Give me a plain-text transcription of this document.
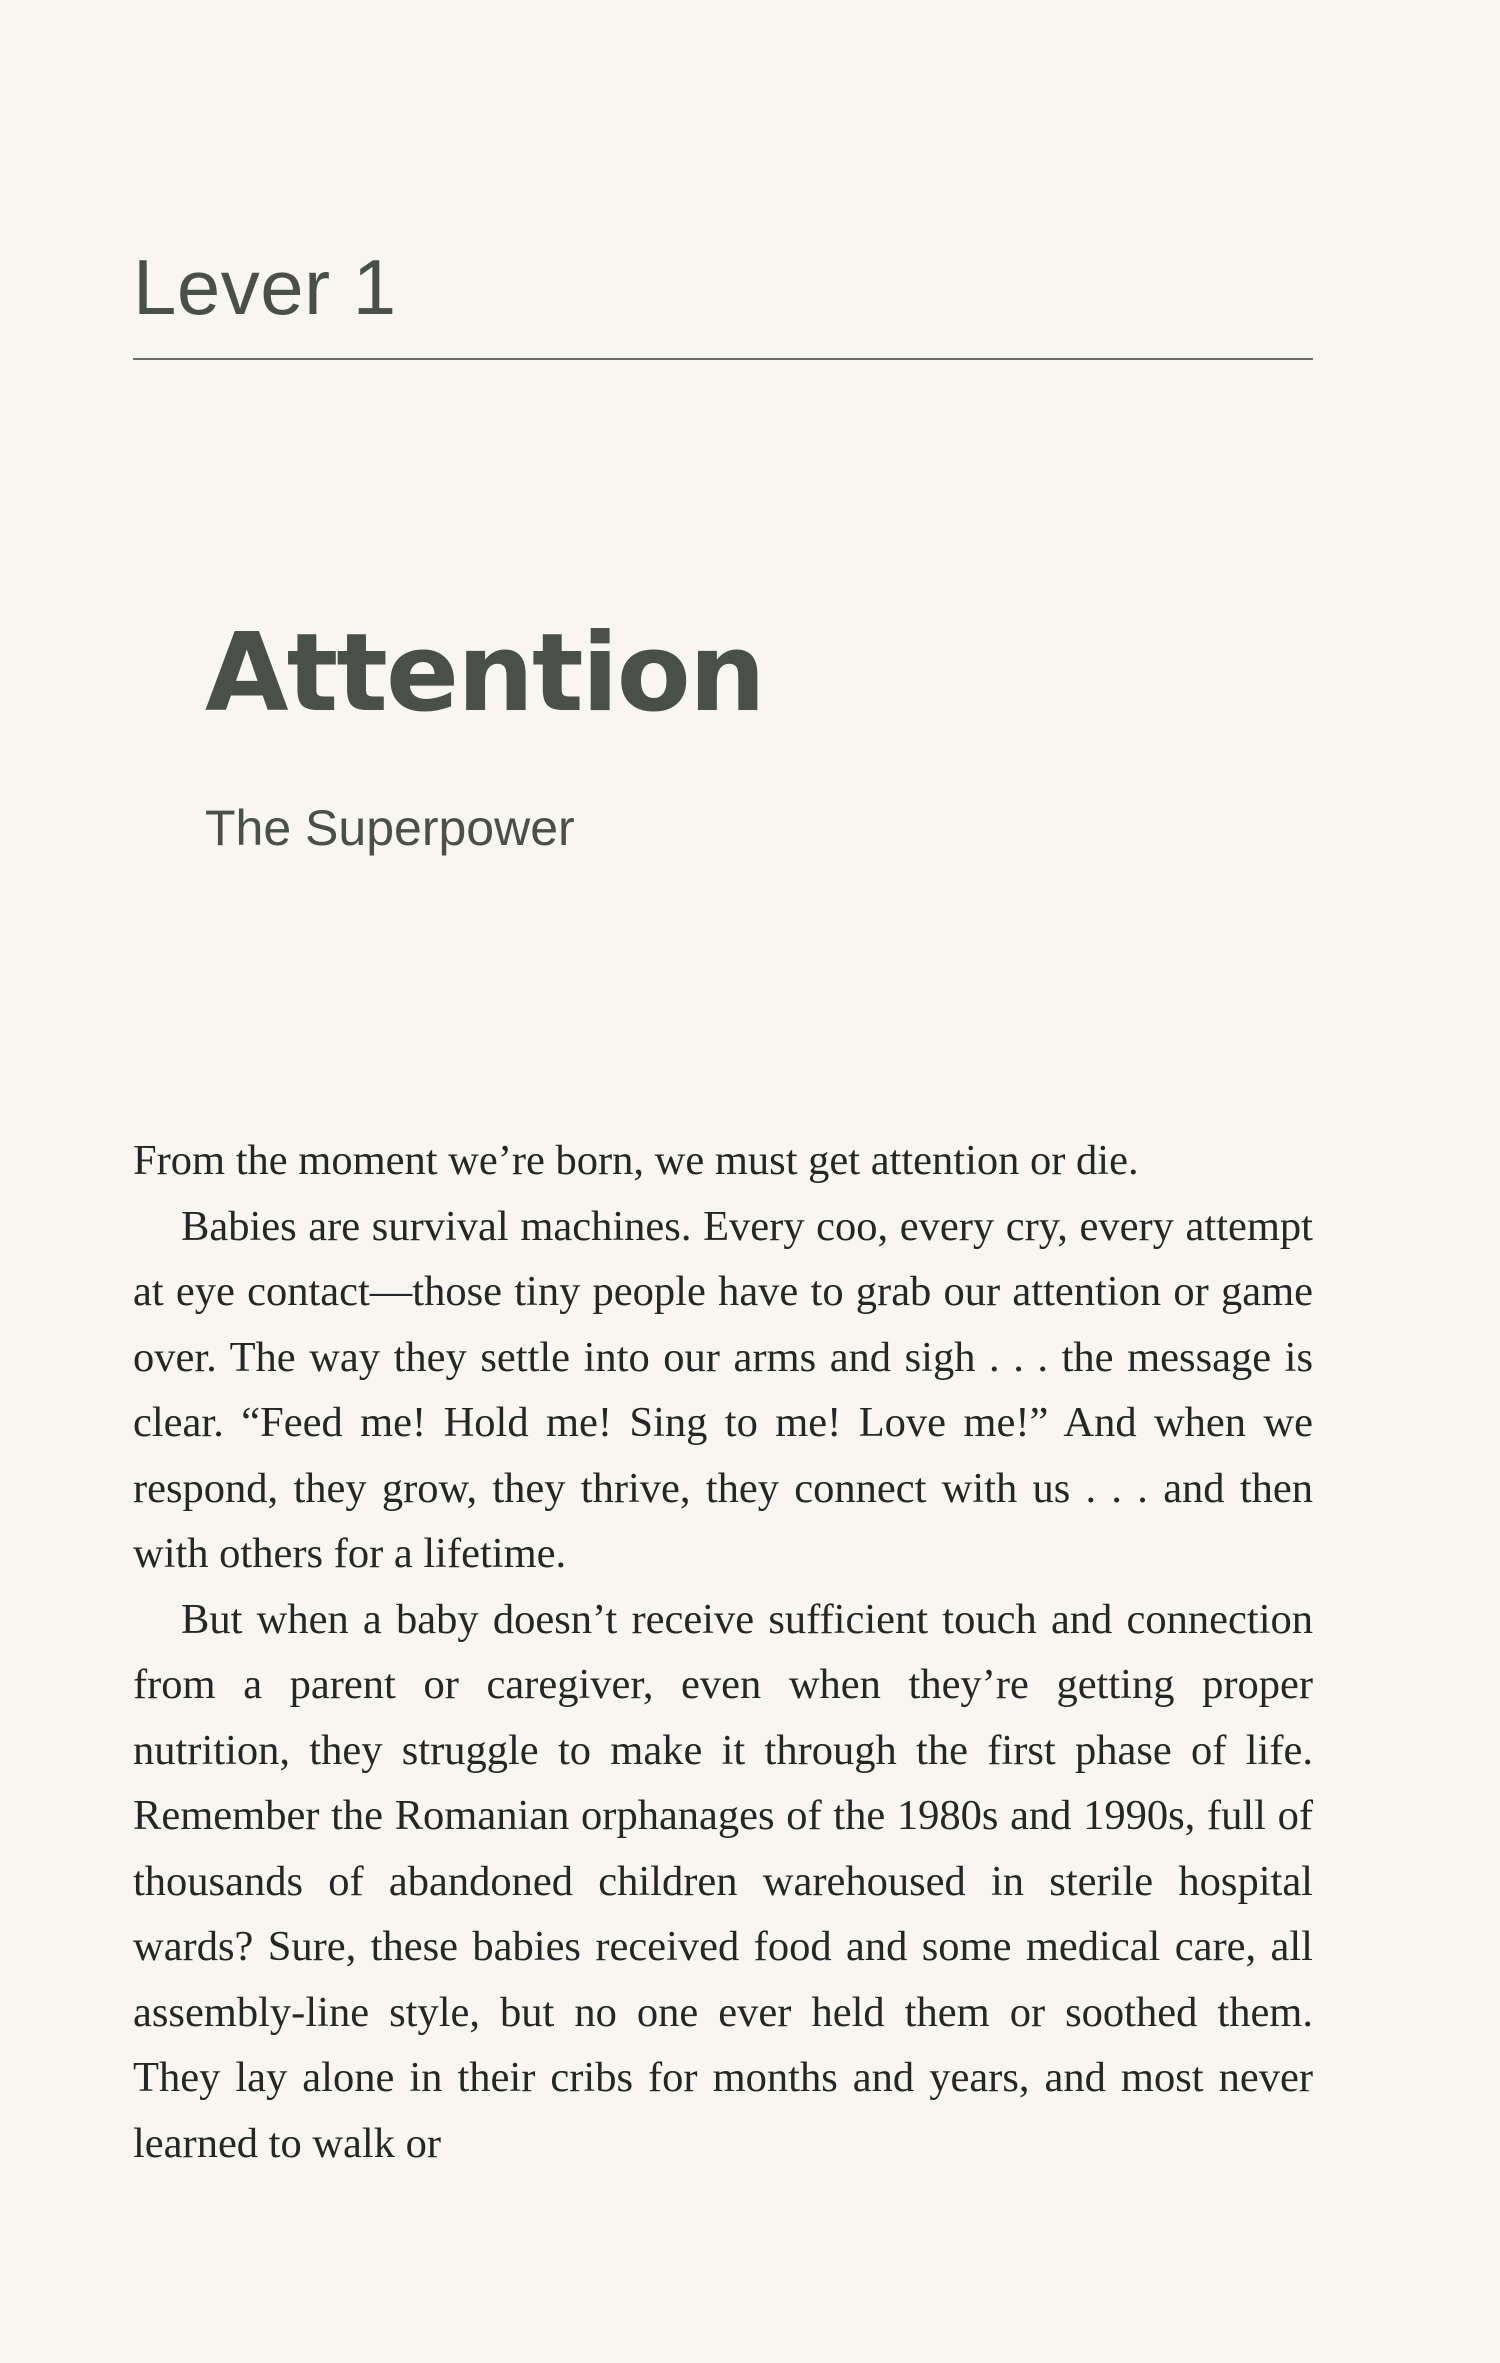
Lever 1
Attention
The Superpower

From the moment we’re born, we must get attention or die.

Babies are survival machines. Every coo, every cry, every attempt at eye contact—those tiny people have to grab our attention or game over. The way they settle into our arms and sigh . . . the message is clear. “Feed me! Hold me! Sing to me! Love me!” And when we respond, they grow, they thrive, they connect with us . . . and then with others for a lifetime.

But when a baby doesn’t receive sufficient touch and connection from a parent or caregiver, even when they’re getting proper nutrition, they struggle to make it through the first phase of life. Remember the Romanian orphanages of the 1980s and 1990s, full of thousands of abandoned children warehoused in sterile hospital wards? Sure, these babies received food and some medical care, all assembly-line style, but no one ever held them or soothed them. They lay alone in their cribs for months and years, and most never learned to walk or
